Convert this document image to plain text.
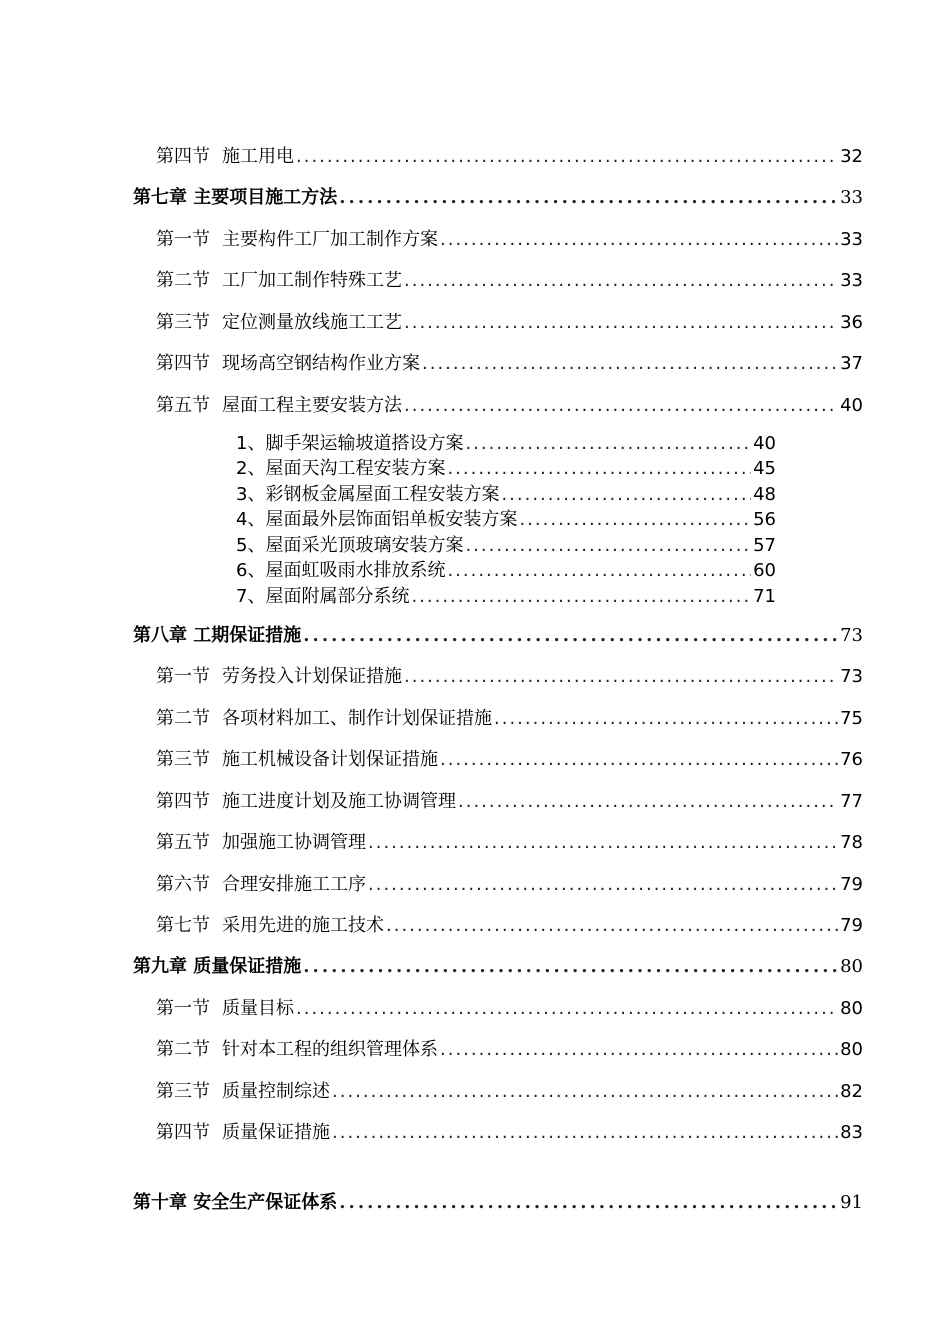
第四节 施工用电 .....	32
第七章 主要项目施工方法 .....	33
第一节 主要构件工厂加工制作方案 .....	33
第二节 工厂加工制作特殊工艺 .....	33
第三节 定位测量放线施工工艺 .....	36
第四节 现场高空钢结构作业方案 .....	37
第五节 屋面工程主要安装方法 .....	40
1、脚手架运输坡道搭设方案 .....	40
2、屋面天沟工程安装方案 .....	45
3、彩钢板金属屋面工程安装方案 .....	48
4、屋面最外层饰面铝单板安装方案 .....	56
5、屋面采光顶玻璃安装方案 .....	57
6、屋面虹吸雨水排放系统 .....	60
7、屋面附属部分系统 .....	71
第八章 工期保证措施 .....	73
第一节 劳务投入计划保证措施 .....	73
第二节 各项材料加工、制作计划保证措施 .....	75
第三节 施工机械设备计划保证措施 .....	76
第四节 施工进度计划及施工协调管理 .....	77
第五节 加强施工协调管理 .....	78
第六节 合理安排施工工序 .....	79
第七节 采用先进的施工技术 .....	79
第九章 质量保证措施 .....	80
第一节 质量目标 .....	80
第二节 针对本工程的组织管理体系 .....	80
第三节 质量控制综述 .....	82
第四节 质量保证措施 .....	83
第十章 安全生产保证体系 .....	91
